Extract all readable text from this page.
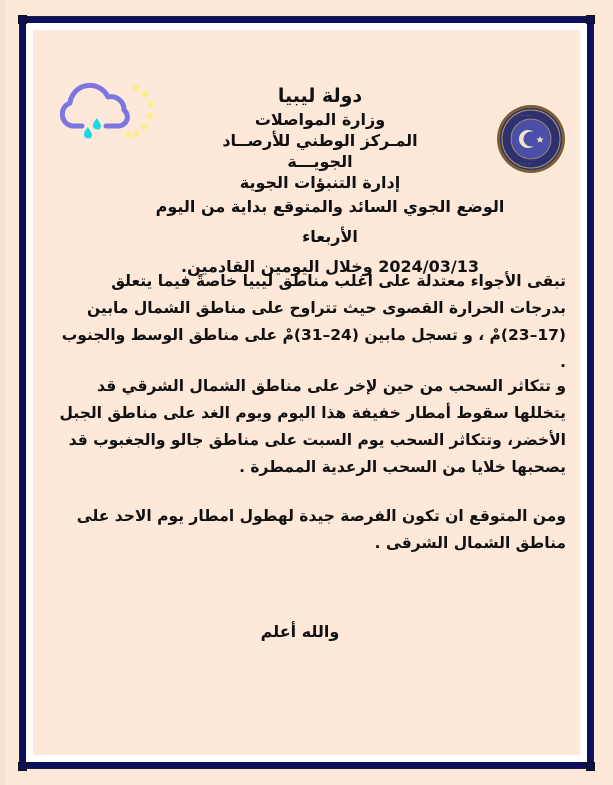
· · · · · · · ·
· · · · · · ·
دولة ليبيا
وزارة المواصلات
المـركز الوطني للأرصــاد الجويـــة
إدارة التنبؤات الجوية
الوضع الجوي السائد والمتوقع بداية من اليوم الأربعاء
2024/03/13 وخلال اليومين القادمين.
تبقى الأجواء معتدلة على اغلب مناطق ليبيا خاصةً فيما يتعلق بدرجات الحرارة القصوى حيث تتراوح على مناطق الشمال مابين (17–23)مْ ، و تسجل مابين (24–31)مْ على مناطق الوسط والجنوب .
و تتكاثر السحب من حين لإخر على مناطق الشمال الشرقي قد يتخللها سقوط أمطار خفيفة هذا اليوم ويوم الغد على مناطق الجبل الأخضر، وتتكاثر السحب يوم السبت على مناطق جالو والجغبوب قد يصحبها خلايا من السحب الرعدية الممطرة .
ومن المتوقع ان تكون الفرصة جيدة لهطول امطار يوم الاحد على مناطق الشمال الشرقى .
والله أعلم
